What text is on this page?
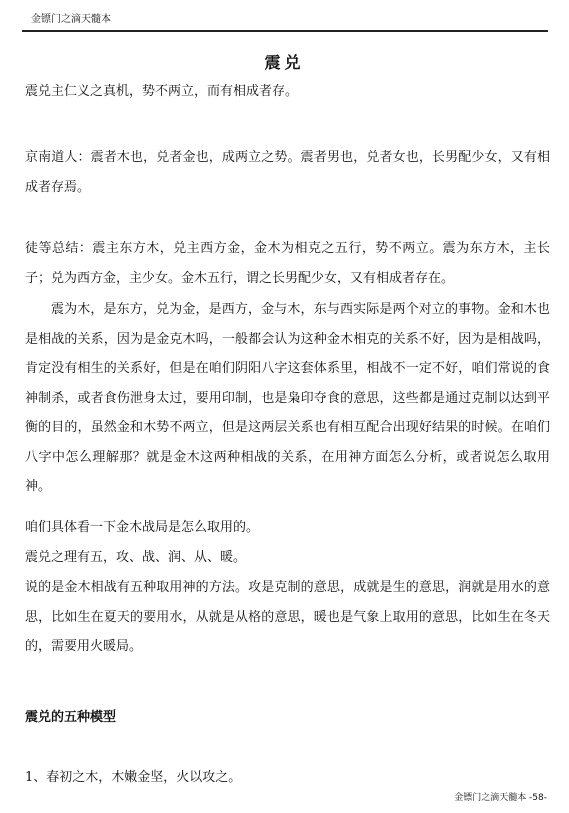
金镖门之滴天髓本
震兑
震兑主仁义之真机，势不两立，而有相成者存。
京南道人：震者木也，兑者金也，成两立之势。震者男也，兑者女也，长男配少女，又有相成者存焉。
徒等总结：震主东方木，兑主西方金，金木为相克之五行，势不两立。震为东方木，主长子；兑为西方金，主少女。金木五行，谓之长男配少女，又有相成者存在。
震为木，是东方，兑为金，是西方，金与木，东与西实际是两个对立的事物。金和木也是相战的关系，因为是金克木吗，一般都会认为这种金木相克的关系不好，因为是相战吗，肯定没有相生的关系好，但是在咱们阴阳八字这套体系里，相战不一定不好，咱们常说的食神制杀，或者食伤泄身太过，要用印制，也是枭印夺食的意思，这些都是通过克制以达到平衡的目的，虽然金和木势不两立，但是这两层关系也有相互配合出现好结果的时候。在咱们八字中怎么理解那？就是金木这两种相战的关系，在用神方面怎么分析，或者说怎么取用神。
咱们具体看一下金木战局是怎么取用的。
震兑之理有五，攻、战、润、从、暖。
说的是金木相战有五种取用神的方法。攻是克制的意思，成就是生的意思，润就是用水的意思，比如生在夏天的要用水，从就是从格的意思，暖也是气象上取用的意思，比如生在冬天的，需要用火暖局。
震兑的五种模型
1、春初之木，木嫩金坚，火以攻之。
金镖门之滴天髓本 -58-
